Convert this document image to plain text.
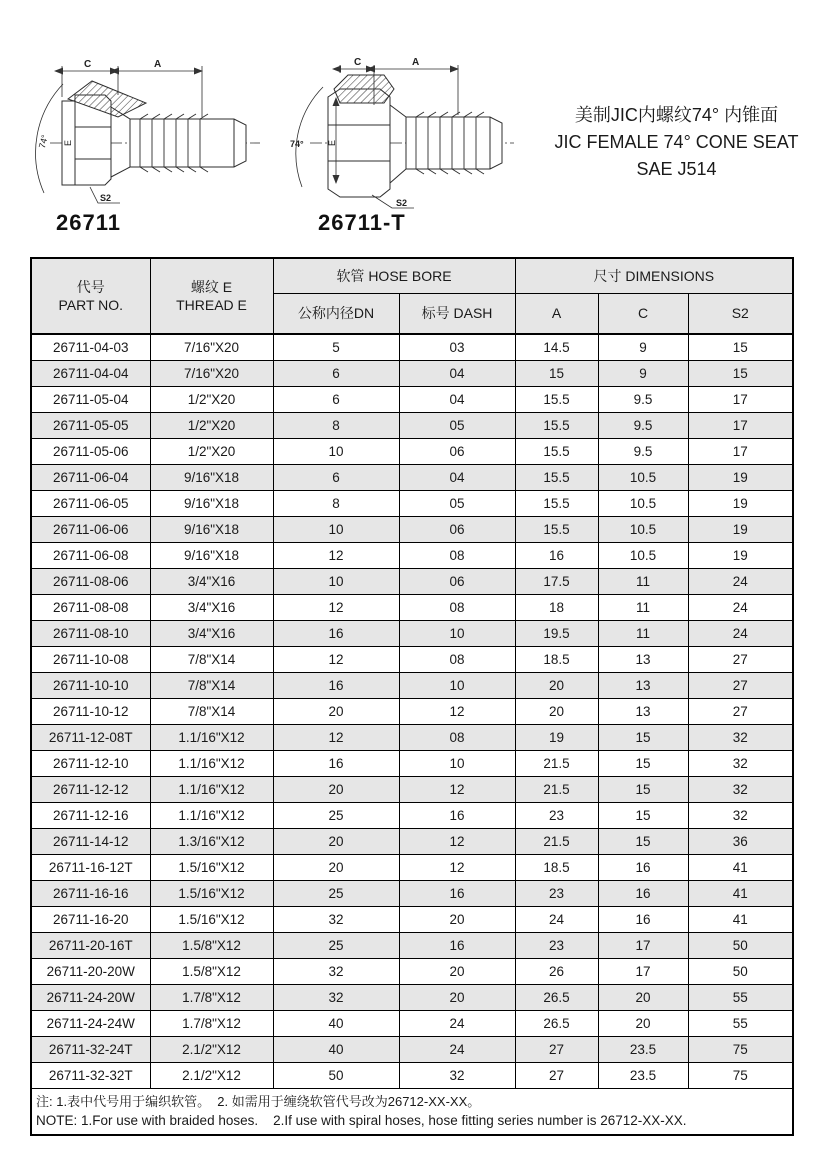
C	A
74° E
S2
C	A
74°	E
S2
26711	26711-T
美制JIC内螺纹74° 内锥面
JIC FEMALE 74° CONE SEAT
SAE J514
代号
PART NO.	螺纹 E
THREAD E	软管 HOSE BORE		尺寸 DIMENSIONS		
		公称内径DN	标号 DASH	A	C	S2
26711-04-03	7/16"X20	5	03	14.5	9	15
26711-04-04	7/16"X20	6	04	15	9	15
26711-05-04	1/2"X20	6	04	15.5	9.5	17
26711-05-05	1/2"X20	8	05	15.5	9.5	17
26711-05-06	1/2"X20	10	06	15.5	9.5	17
26711-06-04	9/16"X18	6	04	15.5	10.5	19
26711-06-05	9/16"X18	8	05	15.5	10.5	19
26711-06-06	9/16"X18	10	06	15.5	10.5	19
26711-06-08	9/16"X18	12	08	16	10.5	19
26711-08-06	3/4"X16	10	06	17.5	11	24
26711-08-08	3/4"X16	12	08	18	11	24
26711-08-10	3/4"X16	16	10	19.5	11	24
26711-10-08	7/8"X14	12	08	18.5	13	27
26711-10-10	7/8"X14	16	10	20	13	27
26711-10-12	7/8"X14	20	12	20	13	27
26711-12-08T	1.1/16"X12	12	08	19	15	32
26711-12-10	1.1/16"X12	16	10	21.5	15	32
26711-12-12	1.1/16"X12	20	12	21.5	15	32
26711-12-16	1.1/16"X12	25	16	23	15	32
26711-14-12	1.3/16"X12	20	12	21.5	15	36
26711-16-12T	1.5/16"X12	20	12	18.5	16	41
26711-16-16	1.5/16"X12	25	16	23	16	41
26711-16-20	1.5/16"X12	32	20	24	16	41
26711-20-16T	1.5/8"X12	25	16	23	17	50
26711-20-20W	1.5/8"X12	32	20	26	17	50
26711-24-20W	1.7/8"X12	32	20	26.5	20	55
26711-24-24W	1.7/8"X12	40	24	26.5	20	55
26711-32-24T	2.1/2"X12	40	24	27	23.5	75
26711-32-32T	2.1/2"X12	50	32	27	23.5	75

注: 1.表中代号用于编织软管。  2. 如需用于缠绕软管代号改为26712-XX-XX。
NOTE: 1.For use with braided hoses.    2.If use with spiral hoses, hose fitting series number is 26712-XX-XX.						
